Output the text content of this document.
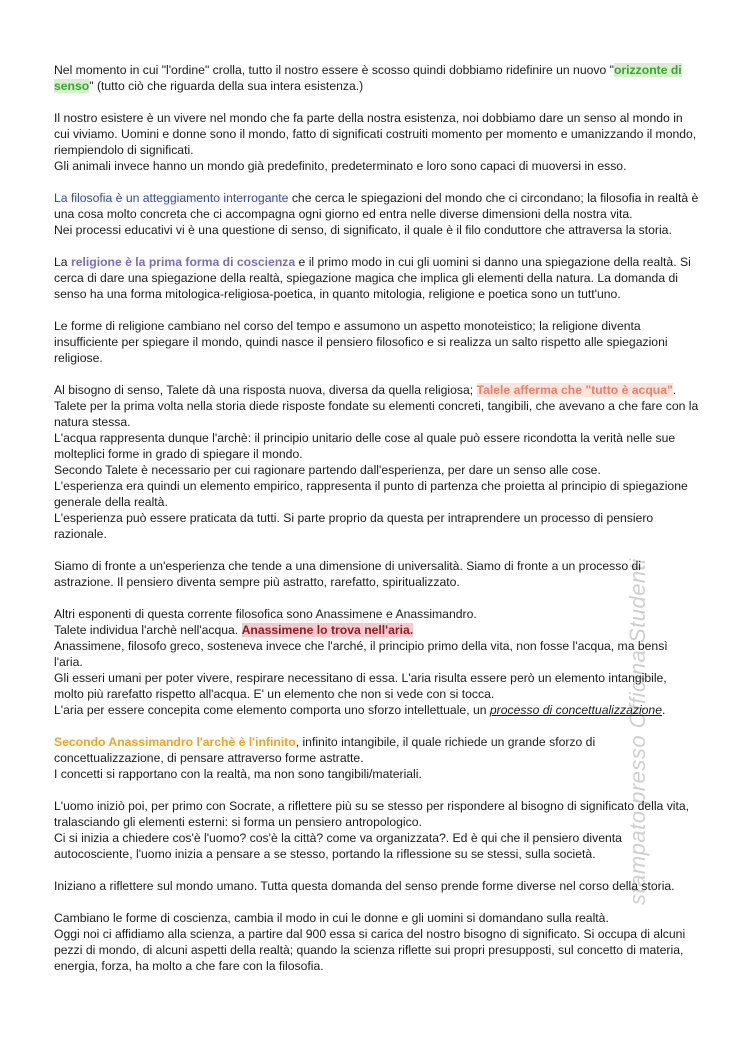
stampato presso Officina Studenti

Nel momento in cui "l'ordine" crolla, tutto il nostro essere è scosso quindi dobbiamo ridefinire un nuovo "orizzonte di senso" (tutto ciò che riguarda della sua intera esistenza.)

Il nostro esistere è un vivere nel mondo che fa parte della nostra esistenza, noi dobbiamo dare un senso al mondo in cui viviamo. Uomini e donne sono il mondo, fatto di significati costruiti momento per momento e umanizzando il mondo, riempiendolo di significati.
Gli animali invece hanno un mondo già predefinito, predeterminato e loro sono capaci di muoversi in esso.

La filosofia è un atteggiamento interrogante che cerca le spiegazioni del mondo che ci circondano; la filosofia in realtà è una cosa molto concreta che ci accompagna ogni giorno ed entra nelle diverse dimensioni della nostra vita.
Nei processi educativi vi è una questione di senso, di significato, il quale è il filo conduttore che attraversa la storia.

La religione è la prima forma di coscienza e il primo modo in cui gli uomini si danno una spiegazione della realtà. Si cerca di dare una spiegazione della realtà, spiegazione magica che implica gli elementi della natura. La domanda di senso ha una forma mitologica-religiosa-poetica, in quanto mitologia, religione e poetica sono un tutt'uno.

Le forme di religione cambiano nel corso del tempo e assumono un aspetto monoteistico; la religione diventa insufficiente per spiegare il mondo, quindi nasce il pensiero filosofico e si realizza un salto rispetto alle spiegazioni religiose.

Al bisogno di senso, Talete dà una risposta nuova, diversa da quella religiosa; Talele afferma che "tutto è acqua".
Talete per la prima volta nella storia diede risposte fondate su elementi concreti, tangibili, che avevano a che fare con la natura stessa.
L'acqua rappresenta dunque l'archè: il principio unitario delle cose al quale può essere ricondotta la verità nelle sue molteplici forme in grado di spiegare il mondo.
Secondo Talete è necessario per cui ragionare partendo dall'esperienza, per dare un senso alle cose.
L'esperienza era quindi un elemento empirico, rappresenta il punto di partenza che proietta al principio di spiegazione generale della realtà.
L'esperienza può essere praticata da tutti. Si parte proprio da questa per intraprendere un processo di pensiero razionale.

Siamo di fronte a un'esperienza che tende a una dimensione di universalità. Siamo di fronte a un processo di astrazione. Il pensiero diventa sempre più astratto, rarefatto, spiritualizzato.

Altri esponenti di questa corrente filosofica sono Anassimene e Anassimandro.
Talete individua l'archè nell'acqua. Anassimene lo trova nell'aria.
Anassimene, filosofo greco, sosteneva invece che l'arché, il principio primo della vita, non fosse l'acqua, ma bensì l'aria.
Gli esseri umani per poter vivere, respirare necessitano di essa. L'aria risulta essere però un elemento intangibile, molto più rarefatto rispetto all'acqua. E' un elemento che non si vede con si tocca.
L'aria per essere concepita come elemento comporta uno sforzo intellettuale, un processo di concettualizzazione.

Secondo Anassimandro l'archè è l'infinito, infinito intangibile, il quale richiede un grande sforzo di concettualizzazione, di pensare attraverso forme astratte.
I concetti si rapportano con la realtà, ma non sono tangibili/materiali.

L'uomo iniziò poi, per primo con Socrate, a riflettere più su se stesso per rispondere al bisogno di significato della vita, tralasciando gli elementi esterni: si forma un pensiero antropologico.
Ci si inizia a chiedere cos'è l'uomo? cos'è la città? come va organizzata?. Ed è qui che il pensiero diventa autocosciente, l'uomo inizia a pensare a se stesso, portando la riflessione su se stessi, sulla società.

Iniziano a riflettere sul mondo umano. Tutta questa domanda del senso prende forme diverse nel corso della storia.

Cambiano le forme di coscienza, cambia il modo in cui le donne e gli uomini si domandano sulla realtà.
Oggi noi ci affidiamo alla scienza, a partire dal 900 essa si carica del nostro bisogno di significato. Si occupa di alcuni pezzi di mondo, di alcuni aspetti della realtà; quando la scienza riflette sui propri presupposti, sul concetto di materia, energia, forza, ha molto a che fare con la filosofia.
